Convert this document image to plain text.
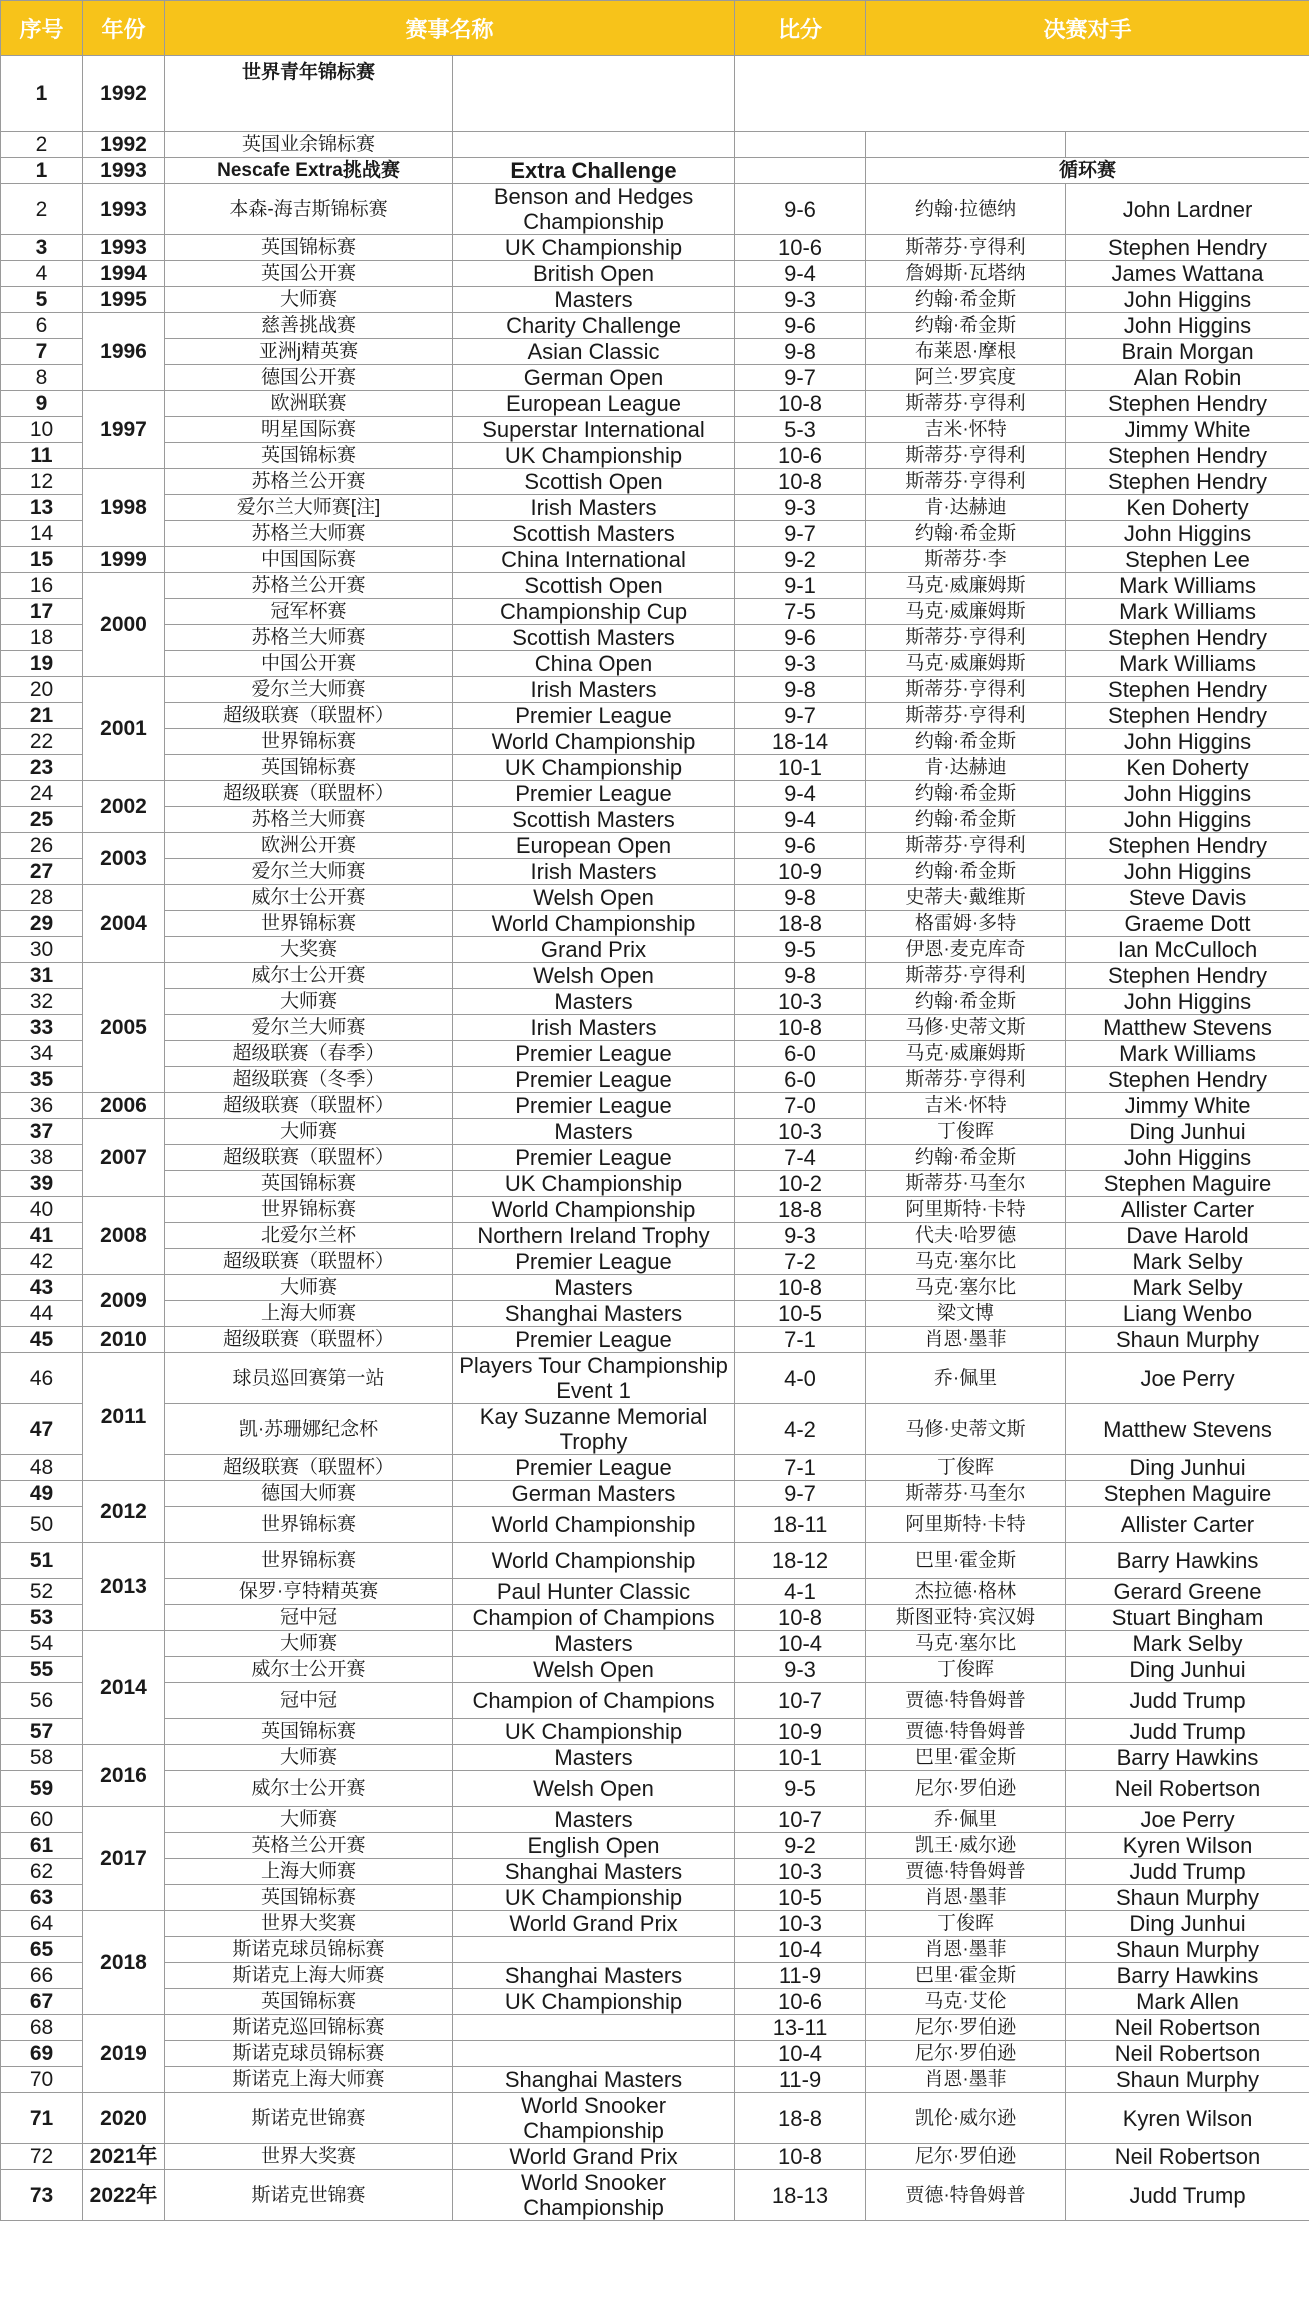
序号	年份	赛事名称		比分	决赛对手	
1	1992	世界青年锦标赛				
2	1992	英国业余锦标赛				
1	1993	Nescafe Extra挑战赛	Extra Challenge		循环赛	
2	1993	本森-海吉斯锦标赛	Benson and Hedges Championship	9-6	约翰·拉德纳	John Lardner
3	1993	英国锦标赛	UK Championship	10-6	斯蒂芬·亨得利	Stephen Hendry
4	1994	英国公开赛	British Open	9-4	詹姆斯·瓦塔纳	James Wattana
5	1995	大师赛	Masters	9-3	约翰·希金斯	John Higgins
6	1996	慈善挑战赛	Charity Challenge	9-6	约翰·希金斯	John Higgins
7		亚洲j精英赛	Asian Classic	9-8	布莱恩·摩根	Brain Morgan
8		德国公开赛	German Open	9-7	阿兰·罗宾度	Alan Robin
9	1997	欧洲联赛	European League	10-8	斯蒂芬·亨得利	Stephen Hendry
10		明星国际赛	Superstar International	5-3	吉米·怀特	Jimmy White
11		英国锦标赛	UK Championship	10-6	斯蒂芬·亨得利	Stephen Hendry
12	1998	苏格兰公开赛	Scottish Open	10-8	斯蒂芬·亨得利	Stephen Hendry
13		爱尔兰大师赛[注]	Irish Masters	9-3	肯·达赫迪	Ken Doherty
14		苏格兰大师赛	Scottish Masters	9-7	约翰·希金斯	John Higgins
15	1999	中国国际赛	China International	9-2	斯蒂芬·李	Stephen Lee
16	2000	苏格兰公开赛	Scottish Open	9-1	马克·威廉姆斯	Mark Williams
17		冠军杯赛	Championship Cup	7-5	马克·威廉姆斯	Mark Williams
18		苏格兰大师赛	Scottish Masters	9-6	斯蒂芬·亨得利	Stephen Hendry
19		中国公开赛	China Open	9-3	马克·威廉姆斯	Mark Williams
20	2001	爱尔兰大师赛	Irish Masters	9-8	斯蒂芬·亨得利	Stephen Hendry
21		超级联赛（联盟杯）	Premier League	9-7	斯蒂芬·亨得利	Stephen Hendry
22		世界锦标赛	World Championship	18-14	约翰·希金斯	John Higgins
23		英国锦标赛	UK Championship	10-1	肯·达赫迪	Ken Doherty
24	2002	超级联赛（联盟杯）	Premier League	9-4	约翰·希金斯	John Higgins
25		苏格兰大师赛	Scottish Masters	9-4	约翰·希金斯	John Higgins
26	2003	欧洲公开赛	European Open	9-6	斯蒂芬·亨得利	Stephen Hendry
27		爱尔兰大师赛	Irish Masters	10-9	约翰·希金斯	John Higgins
28	2004	威尔士公开赛	Welsh Open	9-8	史蒂夫·戴维斯	Steve Davis
29		世界锦标赛	World Championship	18-8	格雷姆·多特	Graeme Dott
30		大奖赛	Grand Prix	9-5	伊恩·麦克库奇	Ian McCulloch
31	2005	威尔士公开赛	Welsh Open	9-8	斯蒂芬·亨得利	Stephen Hendry
32		大师赛	Masters	10-3	约翰·希金斯	John Higgins
33		爱尔兰大师赛	Irish Masters	10-8	马修·史蒂文斯	Matthew Stevens
34		超级联赛（春季）	Premier League	6-0	马克·威廉姆斯	Mark Williams
35		超级联赛（冬季）	Premier League	6-0	斯蒂芬·亨得利	Stephen Hendry
36	2006	超级联赛（联盟杯）	Premier League	7-0	吉米·怀特	Jimmy White
37	2007	大师赛	Masters	10-3	丁俊晖	Ding Junhui
38		超级联赛（联盟杯）	Premier League	7-4	约翰·希金斯	John Higgins
39		英国锦标赛	UK Championship	10-2	斯蒂芬·马奎尔	Stephen Maguire
40	2008	世界锦标赛	World Championship	18-8	阿里斯特·卡特	Allister Carter
41		北爱尔兰杯	Northern Ireland Trophy	9-3	代夫·哈罗德	Dave Harold
42		超级联赛（联盟杯）	Premier League	7-2	马克·塞尔比	Mark Selby
43	2009	大师赛	Masters	10-8	马克·塞尔比	Mark Selby
44		上海大师赛	Shanghai Masters	10-5	梁文博	Liang Wenbo
45	2010	超级联赛（联盟杯）	Premier League	7-1	肖恩·墨菲	Shaun Murphy
46	2011	球员巡回赛第一站	Players Tour Championship Event 1	4-0	乔·佩里	Joe Perry
47		凯·苏珊娜纪念杯	Kay Suzanne Memorial Trophy	4-2	马修·史蒂文斯	Matthew Stevens
48		超级联赛（联盟杯）	Premier League	7-1	丁俊晖	Ding Junhui
49	2012	德国大师赛	German Masters	9-7	斯蒂芬·马奎尔	Stephen Maguire
50		世界锦标赛	World Championship	18-11	阿里斯特·卡特	Allister Carter
51	2013	世界锦标赛	World Championship	18-12	巴里·霍金斯	Barry Hawkins
52		保罗·亨特精英赛	Paul Hunter Classic	4-1	杰拉德·格林	Gerard Greene
53		冠中冠	Champion of Champions	10-8	斯图亚特·宾汉姆	Stuart Bingham
54	2014	大师赛	Masters	10-4	马克·塞尔比	Mark Selby
55		威尔士公开赛	Welsh Open	9-3	丁俊晖	Ding Junhui
56		冠中冠	Champion of Champions	10-7	贾德·特鲁姆普	Judd Trump
57		英国锦标赛	UK Championship	10-9	贾德·特鲁姆普	Judd Trump
58	2016	大师赛	Masters	10-1	巴里·霍金斯	Barry Hawkins
59		威尔士公开赛	Welsh Open	9-5	尼尔·罗伯逊	Neil Robertson
60	2017	大师赛	Masters	10-7	乔·佩里	Joe Perry
61		英格兰公开赛	English Open	9-2	凯王·威尔逊	Kyren Wilson
62		上海大师赛	Shanghai Masters	10-3	贾德·特鲁姆普	Judd Trump
63		英国锦标赛	UK Championship	10-5	肖恩·墨菲	Shaun Murphy
64	2018	世界大奖赛	World Grand Prix	10-3	丁俊晖	Ding Junhui
65		斯诺克球员锦标赛		10-4	肖恩·墨菲	Shaun Murphy
66		斯诺克上海大师赛	Shanghai Masters	11-9	巴里·霍金斯	Barry Hawkins
67		英国锦标赛	UK Championship	10-6	马克·艾伦	Mark Allen
68	2019	斯诺克巡回锦标赛		13-11	尼尔·罗伯逊	Neil Robertson
69		斯诺克球员锦标赛		10-4	尼尔·罗伯逊	Neil Robertson
70		斯诺克上海大师赛	Shanghai Masters	11-9	肖恩·墨菲	Shaun Murphy
71	2020	斯诺克世锦赛	World Snooker Championship	18-8	凯伦·威尔逊	Kyren Wilson
72	2021年	世界大奖赛	World Grand Prix	10-8	尼尔·罗伯逊	Neil Robertson
73	2022年	斯诺克世锦赛	World Snooker Championship	18-13	贾德·特鲁姆普	Judd Trump
